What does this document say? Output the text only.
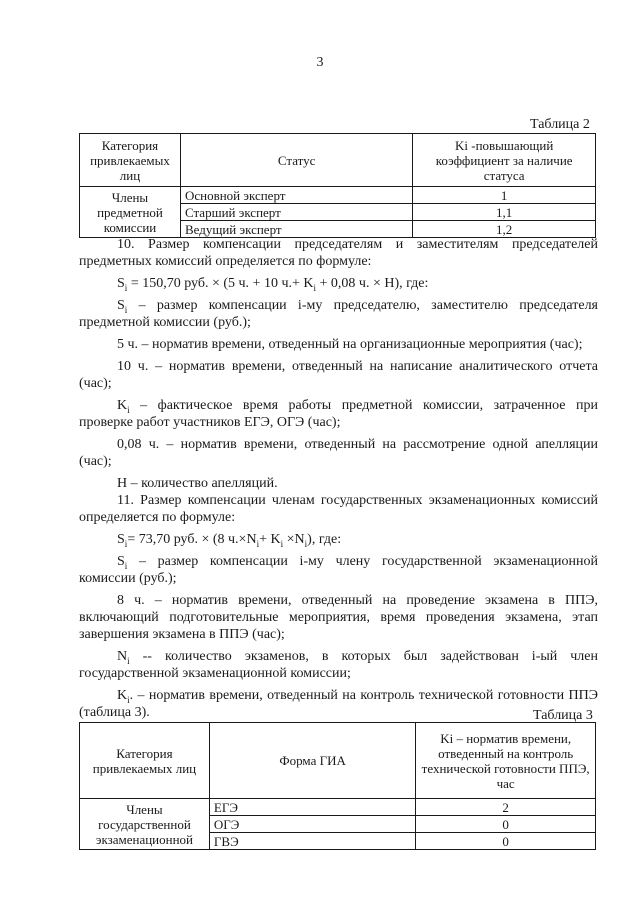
3
Таблица 2
Категория привлекаемых лиц	Статус	Ki -повышающий коэффициент за наличие статуса
Члены предметной комиссии	Основной эксперт	1
	Старший эксперт	1,1
	Ведущий эксперт	1,2

10. Размер компенсации председателям и заместителям председателей предметных комиссий определяется по формуле:

$S_i = 150,70$ руб. × (5 ч. + 10 $ч.+ K_i + 0,08$ ч. × H), где:

$S_i$ – размер компенсации i-му председателю, заместителю председателя предметной комиссии (руб.);

5 ч. – норматив времени, отведенный на организационные мероприятия (час);

10 ч. – норматив времени, отведенный на написание аналитического отчета (час);

$K_i$ – фактическое время работы предметной комиссии, затраченное при проверке работ участников ЕГЭ, ОГЭ (час);

0,08 ч. – норматив времени, отведенный на рассмотрение одной апелляции (час);

H – количество апелляций.

11. Размер компенсации членам государственных экзаменационных комиссий определяется по формуле:

$S_i= 73,70$ руб. × (8 $ч.\times N_i+ K_i \times N_i$), где:

$S_i$ – размер компенсации i-му члену государственной экзаменационной комиссии (руб.);

8 ч. – норматив времени, отведенный на проведение экзамена в ППЭ, включающий подготовительные мероприятия, время проведения экзамена, этап завершения экзамена в ППЭ (час);

$N_i$ -- количество экзаменов, в которых был задействован i-ый член государственной экзаменационной комиссии;

$K_i$. – норматив времени, отведенный на контроль технической готовности ППЭ (таблица 3).	Таблица 3
Категория привлекаемых лиц	Форма ГИА	Ki – норматив времени, отведенный на контроль технической готовности ППЭ, час
Члены государственной экзаменационной	ЕГЭ	2
	ОГЭ	0
	ГВЭ	0
